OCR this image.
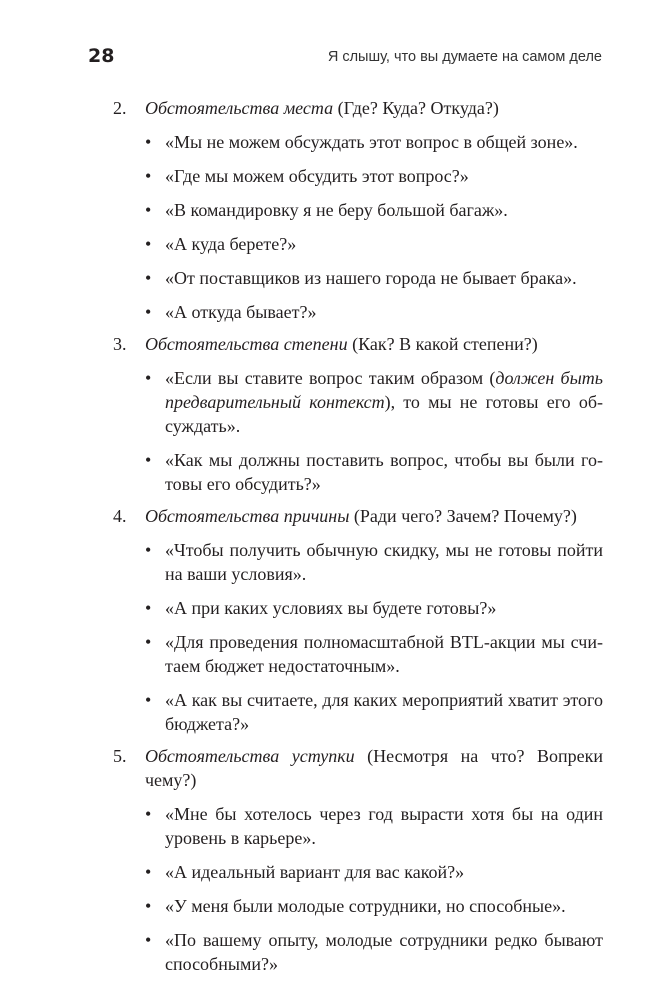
28	Я слышу, что вы думаете на самом деле
2. Обстоятельства места (Где? Куда? Откуда?)
• «Мы не можем обсуждать этот вопрос в общей зоне».
• «Где мы можем обсудить этот вопрос?»
• «В командировку я не беру большой багаж».
• «А куда берете?»
• «От поставщиков из нашего города не бывает брака».
• «А откуда бывает?»
3. Обстоятельства степени (Как? В какой степени?)
• «Если вы ставите вопрос таким образом (должен быть предварительный контекст), то мы не готовы его обсуждать».
• «Как мы должны поставить вопрос, чтобы вы были готовы его обсудить?»
4. Обстоятельства причины (Ради чего? Зачем? Почему?)
• «Чтобы получить обычную скидку, мы не готовы пойти на ваши условия».
• «А при каких условиях вы будете готовы?»
• «Для проведения полномасштабной BTL-акции мы считаем бюджет недостаточным».
• «А как вы считаете, для каких мероприятий хватит этого бюджета?»
5. Обстоятельства уступки (Несмотря на что? Вопреки чему?)
• «Мне бы хотелось через год вырасти хотя бы на один уровень в карьере».
• «А идеальный вариант для вас какой?»
• «У меня были молодые сотрудники, но способные».
• «По вашему опыту, молодые сотрудники редко бывают способными?»
